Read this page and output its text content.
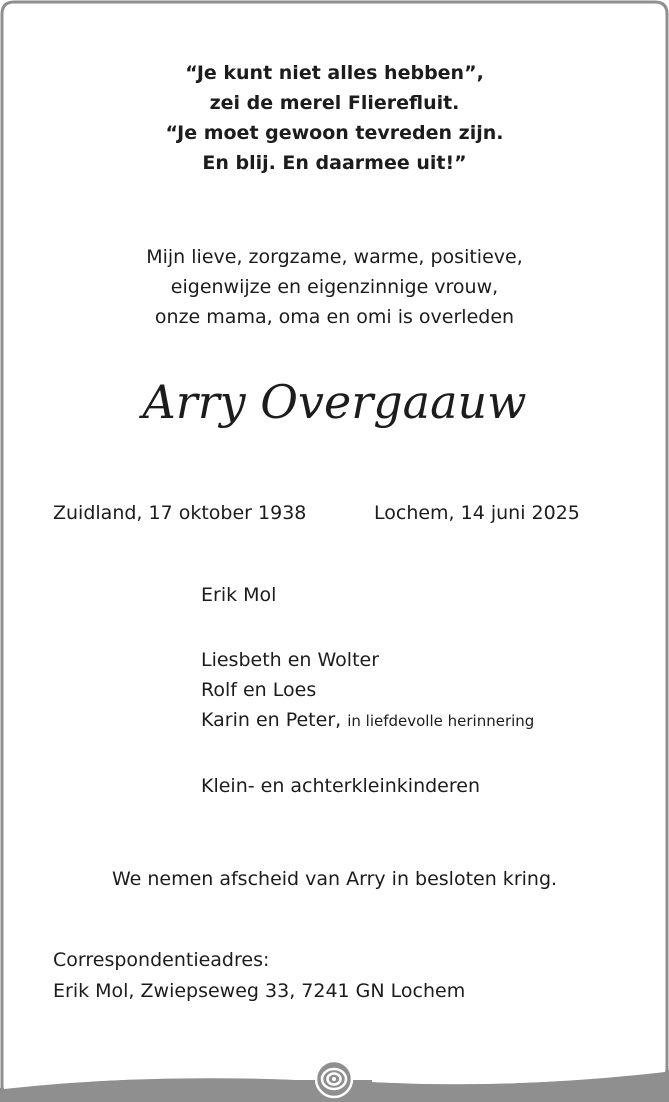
“Je kunt niet alles hebben”,
zei de merel Flierefluit.
“Je moet gewoon tevreden zijn.
En blij. En daarmee uit!”
Mijn lieve, zorgzame, warme, positieve,
eigenwijze en eigenzinnige vrouw,
onze mama, oma en omi is overleden
Arry Overgaauw
Zuidland, 17 oktober 1938	Lochem, 14 juni 2025
Erik Mol
Liesbeth en Wolter
Rolf en Loes
Karin en Peter, in liefdevolle herinnering
Klein- en achterkleinkinderen
We nemen afscheid van Arry in besloten kring.
Correspondentieadres:
Erik Mol, Zwiepseweg 33, 7241 GN Lochem
